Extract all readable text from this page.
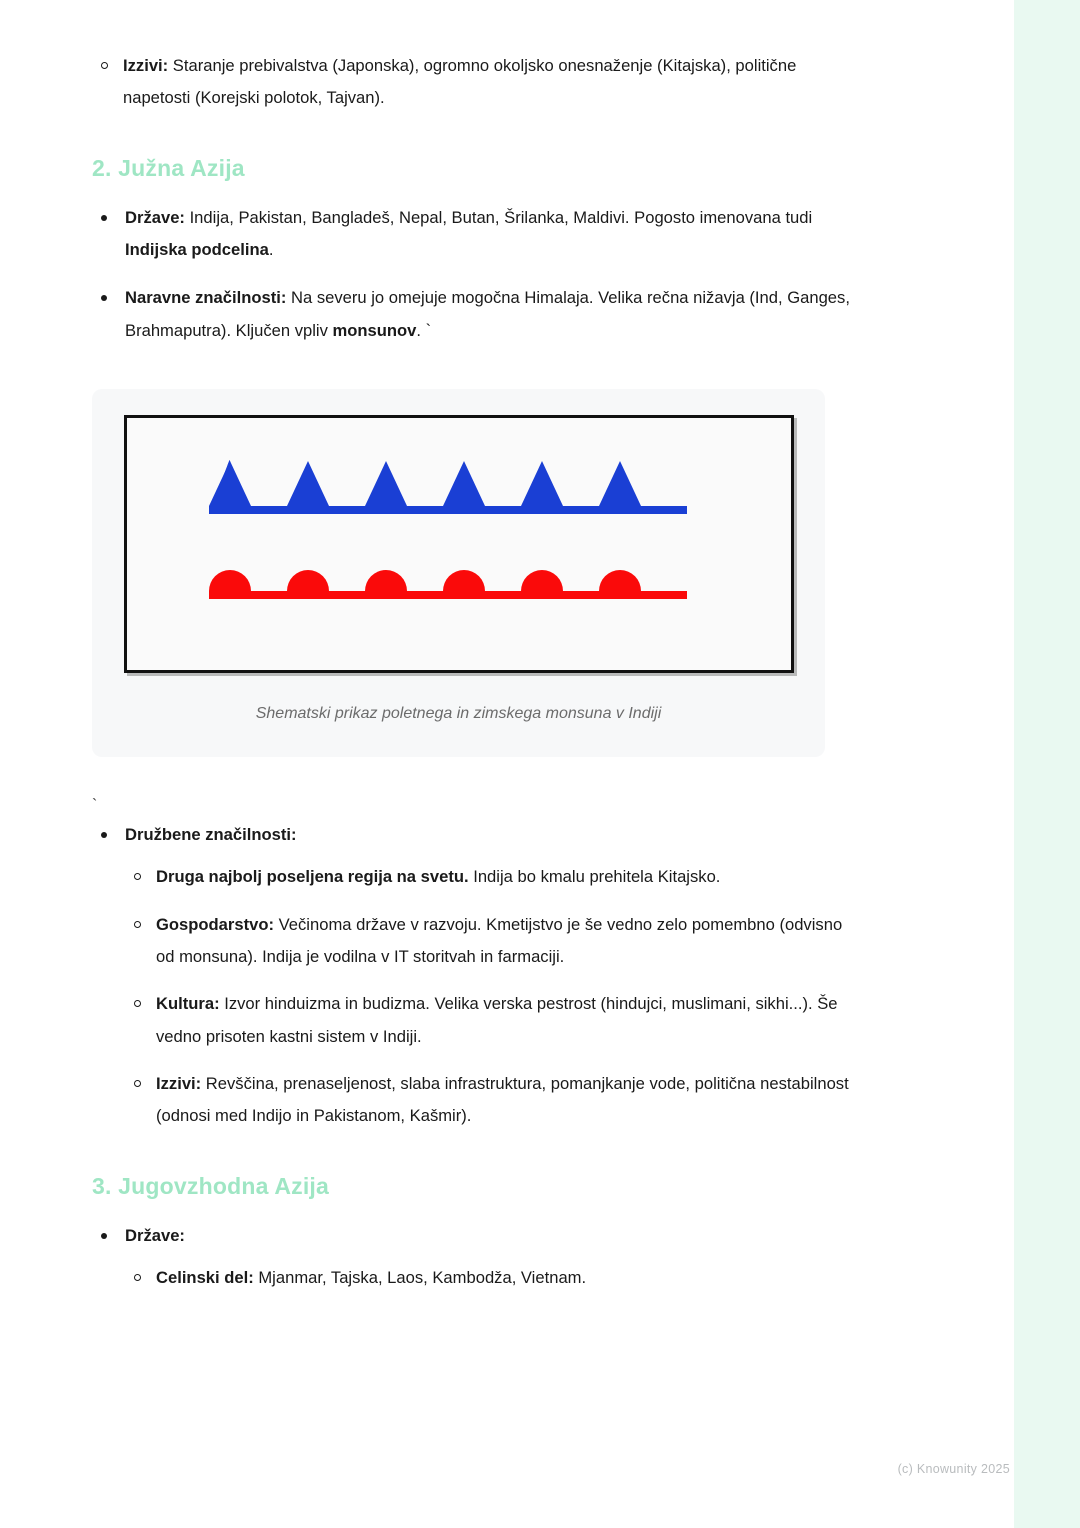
Izzivi: Staranje prebivalstva (Japonska), ogromno okoljsko onesnaženje (Kitajska), politične napetosti (Korejski polotok, Tajvan).
2. Južna Azija
Države: Indija, Pakistan, Bangladeš, Nepal, Butan, Šrilanka, Maldivi. Pogosto imenovana tudi Indijska podcelina.
Naravne značilnosti: Na severu jo omejuje mogočna Himalaja. Velika rečna nižavja (Ind, Ganges, Brahmaputra). Ključen vpliv monsunov. `
Shematski prikaz poletnega in zimskega monsuna v Indiji
`
Družbene značilnosti:
Druga najbolj poseljena regija na svetu. Indija bo kmalu prehitela Kitajsko.
Gospodarstvo: Večinoma države v razvoju. Kmetijstvo je še vedno zelo pomembno (odvisno od monsuna). Indija je vodilna v IT storitvah in farmaciji.
Kultura: Izvor hinduizma in budizma. Velika verska pestrost (hindujci, muslimani, sikhi...). Še vedno prisoten kastni sistem v Indiji.
Izzivi: Revščina, prenaseljenost, slaba infrastruktura, pomanjkanje vode, politična nestabilnost (odnosi med Indijo in Pakistanom, Kašmir).
3. Jugovzhodna Azija
Države:
Celinski del: Mjanmar, Tajska, Laos, Kambodža, Vietnam.
(c) Knowunity 2025
